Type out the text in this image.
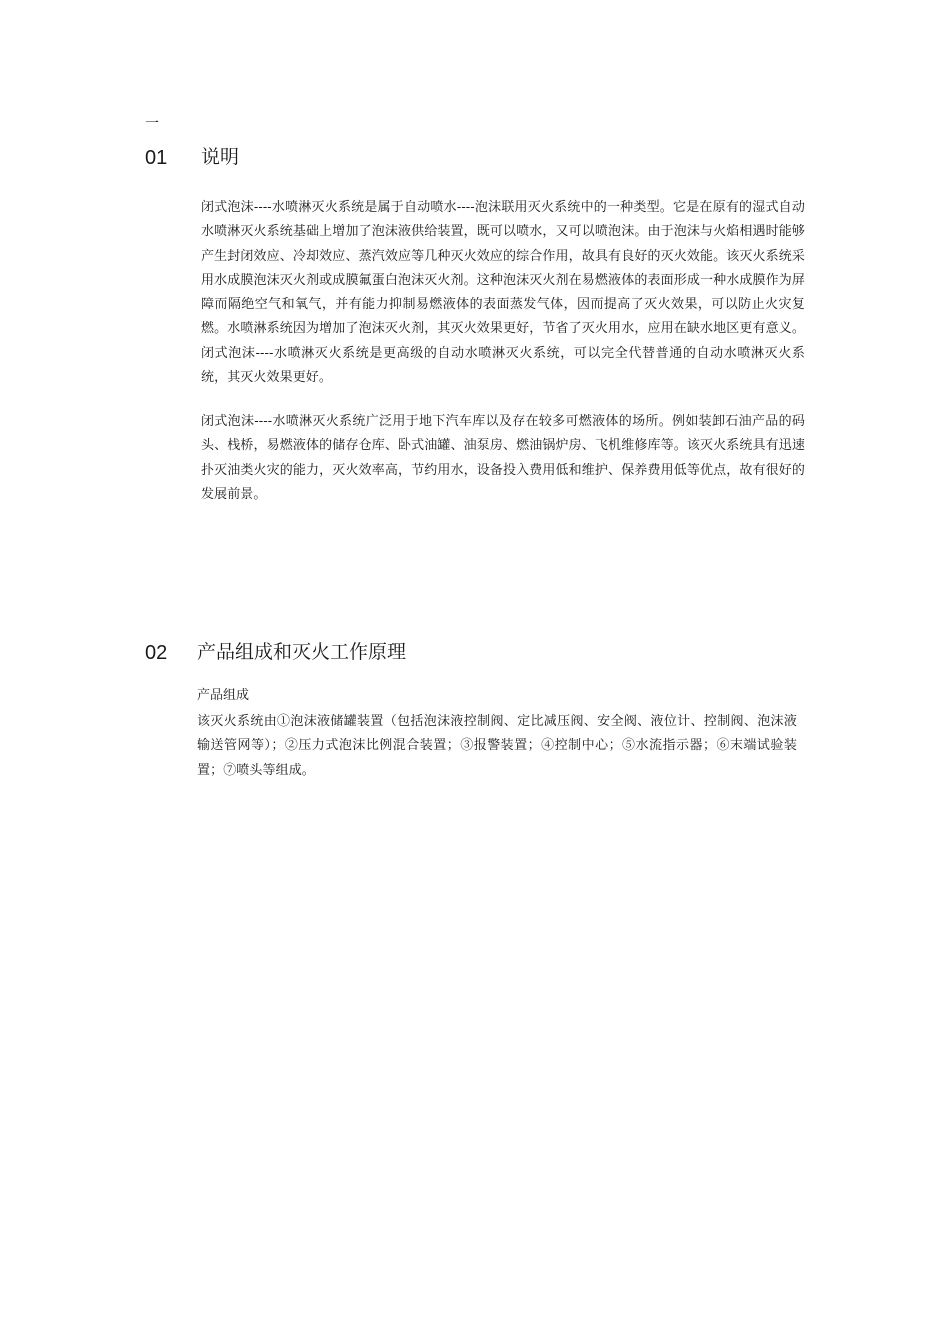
一
01 说明

闭式泡沫----水喷淋灭火系统是属于自动喷水----泡沫联用灭火系统中的一种类型。它是在原有的湿式自动水喷淋灭火系统基础上增加了泡沫液供给装置，既可以喷水，又可以喷泡沫。由于泡沫与火焰相遇时能够产生封闭效应、冷却效应、蒸汽效应等几种灭火效应的综合作用，故具有良好的灭火效能。该灭火系统采用水成膜泡沫灭火剂或成膜氟蛋白泡沫灭火剂。这种泡沫灭火剂在易燃液体的表面形成一种水成膜作为屏障而隔绝空气和氧气，并有能力抑制易燃液体的表面蒸发气体，因而提高了灭火效果，可以防止火灾复燃。水喷淋系统因为增加了泡沫灭火剂，其灭火效果更好，节省了灭火用水，应用在缺水地区更有意义。闭式泡沫----水喷淋灭火系统是更高级的自动水喷淋灭火系统，可以完全代替普通的自动水喷淋灭火系统，其灭火效果更好。

闭式泡沫----水喷淋灭火系统广泛用于地下汽车库以及存在较多可燃液体的场所。例如装卸石油产品的码头、栈桥，易燃液体的储存仓库、卧式油罐、油泵房、燃油锅炉房、飞机维修库等。该灭火系统具有迅速扑灭油类火灾的能力，灭火效率高，节约用水，设备投入费用低和维护、保养费用低等优点，故有很好的发展前景。

02 产品组成和灭火工作原理
产品组成

该灭火系统由①泡沫液储罐装置（包括泡沫液控制阀、定比减压阀、安全阀、液位计、控制阀、泡沫液输送管网等）；②压力式泡沫比例混合装置；③报警装置；④控制中心；⑤水流指示器；⑥末端试验装置；⑦喷头等组成。
